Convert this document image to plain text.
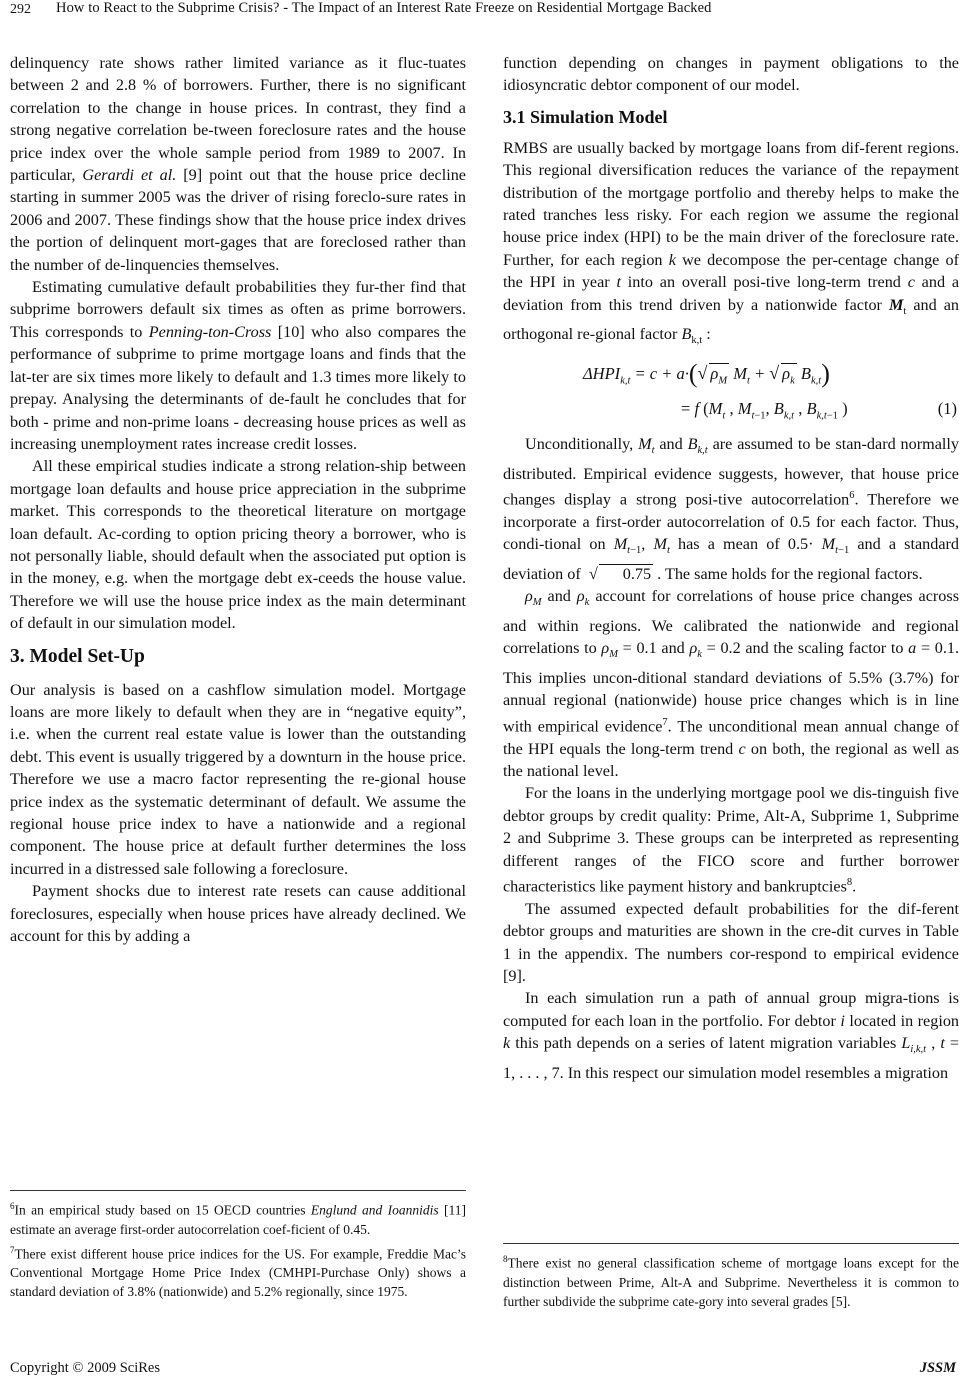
292 How to React to the Subprime Crisis? - The Impact of an Interest Rate Freeze on Residential Mortgage Backed

delinquency rate shows rather limited variance as it fluc-tuates between 2 and 2.8 % of borrowers. Further, there is no significant correlation to the change in house prices. In contrast, they find a strong negative correlation be-tween foreclosure rates and the house price index over the whole sample period from 1989 to 2007. In particular, Gerardi et al. [9] point out that the house price decline starting in summer 2005 was the driver of rising foreclo-sure rates in 2006 and 2007. These findings show that the house price index drives the portion of delinquent mort-gages that are foreclosed rather than the number of de-linquencies themselves.

Estimating cumulative default probabilities they fur-ther find that subprime borrowers default six times as often as prime borrowers. This corresponds to Penning-ton-Cross [10] who also compares the performance of subprime to prime mortgage loans and finds that the lat-ter are six times more likely to default and 1.3 times more likely to prepay. Analysing the determinants of de-fault he concludes that for both - prime and non-prime loans - decreasing house prices as well as increasing unemployment rates increase credit losses.

All these empirical studies indicate a strong relation-ship between mortgage loan defaults and house price appreciation in the subprime market. This corresponds to the theoretical literature on mortgage loan default. Ac-cording to option pricing theory a borrower, who is not personally liable, should default when the associated put option is in the money, e.g. when the mortgage debt ex-ceeds the house value. Therefore we will use the house price index as the main determinant of default in our simulation model.

3. Model Set-Up

Our analysis is based on a cashflow simulation model. Mortgage loans are more likely to default when they are in “negative equity”, i.e. when the current real estate value is lower than the outstanding debt. This event is usually triggered by a downturn in the house price. Therefore we use a macro factor representing the re-gional house price index as the systematic determinant of default. We assume the regional house price index to have a nationwide and a regional component. The house price at default further determines the loss incurred in a distressed sale following a foreclosure.

Payment shocks due to interest rate resets can cause additional foreclosures, especially when house prices have already declined. We account for this by adding a

function depending on changes in payment obligations to the idiosyncratic debtor component of our model.

3.1 Simulation Model

RMBS are usually backed by mortgage loans from dif-ferent regions. This regional diversification reduces the variance of the repayment distribution of the mortgage portfolio and thereby helps to make the rated tranches less risky. For each region we assume the regional house price index (HPI) to be the main driver of the foreclosure rate. Further, for each region k we decompose the per-centage change of the HPI in year t into an overall posi-tive long-term trend c and a deviation from this trend driven by a nationwide factor $M_t$ and an orthogonal re-gional factor $B_{k,t}$ :

$\Delta HPI_{k,t} = c + a\cdot(√$ $\rho_M$ $M_t$ + √ $\rho_k$ $B_{k,t}$)
= f ($M_t$ , $M_{t-1}$, $B_{k,t}$ , $B_{k,t-1}$ )	(1)

Unconditionally, $M_t$ and $B_{k,t}$ are assumed to be stan-dard normally distributed. Empirical evidence suggests, however, that house price changes display a strong posi-tive autocorrelation$^6$. Therefore we incorporate a first-order autocorrelation of 0.5 for each factor. Thus, condi-tional on $M_{t-1}$, $M_t$ has a mean of $0.5\cdot M_{t-1}$ and a standard deviation of  √ 0.75 . The same holds for the regional factors.

$\rho_M$ and $\rho_k$ account for correlations of house price changes across and within regions. We calibrated the nationwide and regional correlations to $\rho_M = 0.1$ and $\rho_k = 0.2$ and the scaling factor to a = 0.1. This implies uncon-ditional standard deviations of 5.5% (3.7%) for annual regional (nationwide) house price changes which is in line with empirical evidence$^7$. The unconditional mean annual change of the HPI equals the long-term trend c on both, the regional as well as the national level.

For the loans in the underlying mortgage pool we dis-tinguish five debtor groups by credit quality: Prime, Alt-A, Subprime 1, Subprime 2 and Subprime 3. These groups can be interpreted as representing different ranges of the FICO score and further borrower characteristics like payment history and bankruptcies$^8$.

The assumed expected default probabilities for the dif-ferent debtor groups and maturities are shown in the cre-dit curves in Table 1 in the appendix. The numbers cor-respond to empirical evidence [9].

In each simulation run a path of annual group migra-tions is computed for each loan in the portfolio. For debtor i located in region k this path depends on a series of latent migration variables $L_{i,k,t}$ , t = 1, . . . , 7. In this respect our simulation model resembles a migration

$^6$In an empirical study based on 15 OECD countries Englund and Ioannidis [11] estimate an average first-order autocorrelation coef-ficient of 0.45.

$^7$There exist different house price indices for the US. For example, Freddie Mac’s Conventional Mortgage Home Price Index (CMHPI-Purchase Only) shows a standard deviation of 3.8% (nationwide) and 5.2% regionally, since 1975.

$^8$There exist no general classification scheme of mortgage loans except for the distinction between Prime, Alt-A and Subprime. Nevertheless it is common to further subdivide the subprime cate-gory into several grades [5].

Copyright © 2009 SciRes	JSSM
